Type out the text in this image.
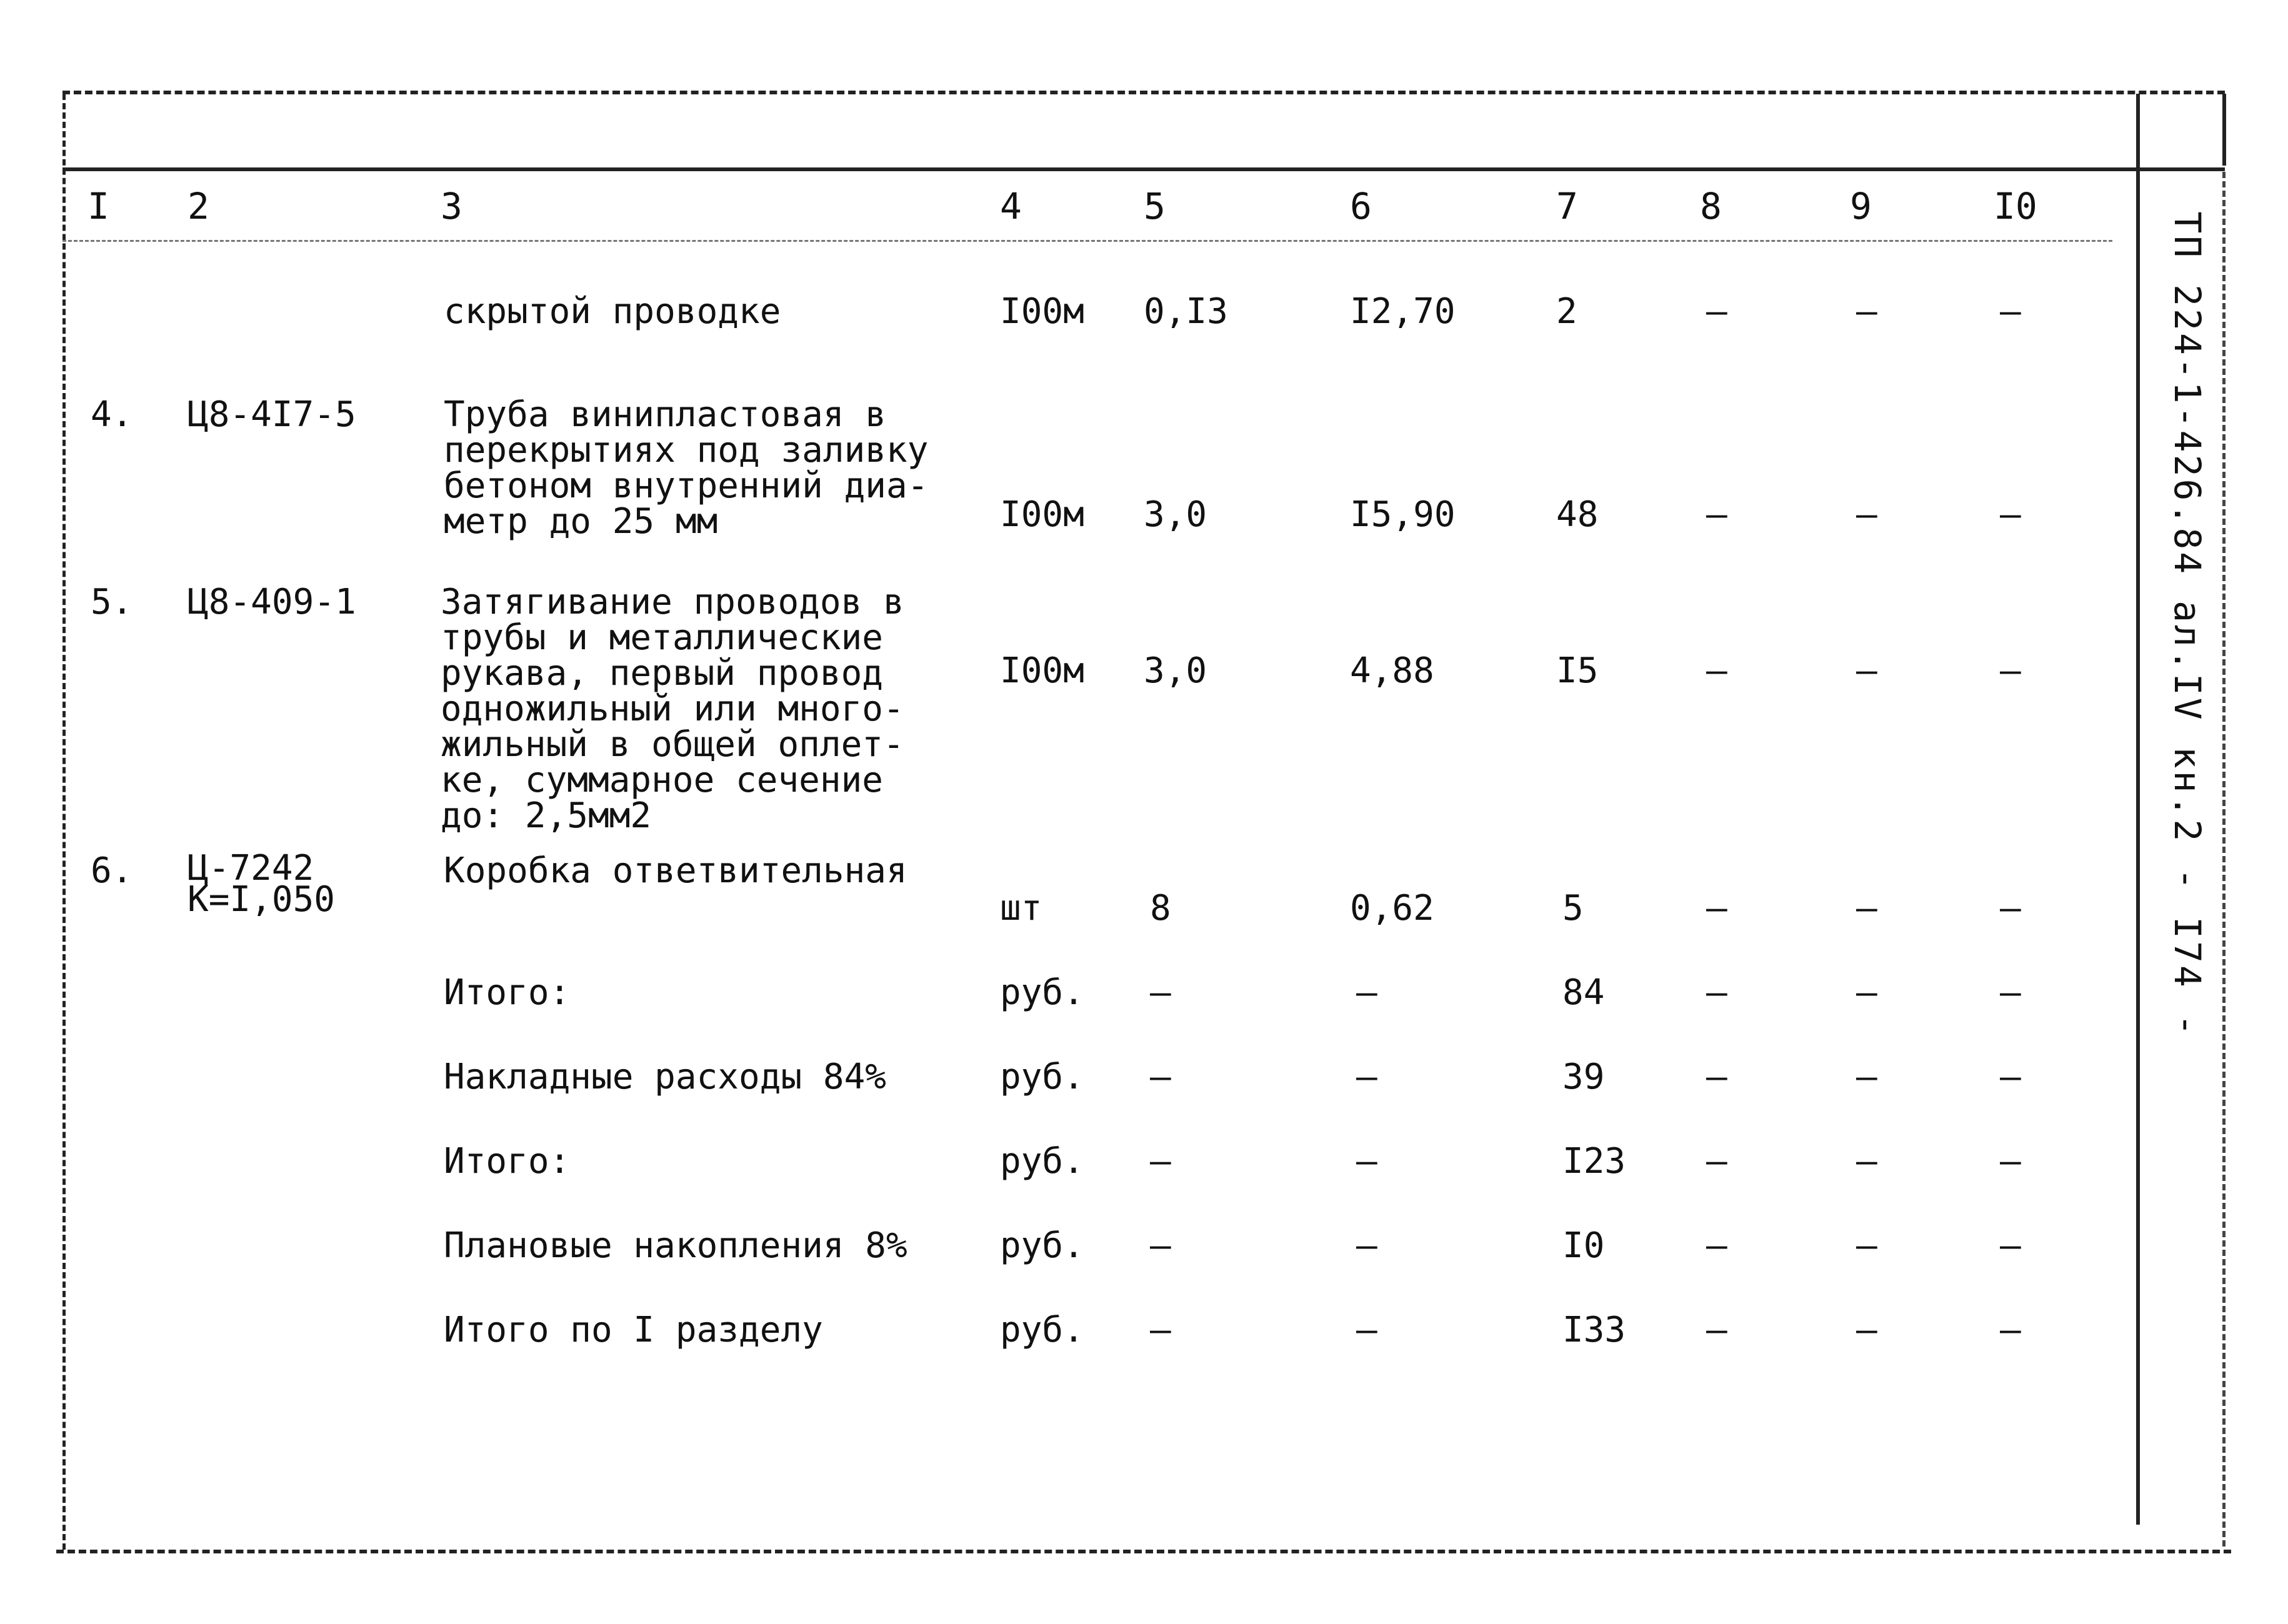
ТП 224-1-426.84 ал.IV кн.2 - I74 -
I 2	3	4	5	6	7	8	9	I0
скрытой проводке	I00м 0,I3	I2,70	2	–	–	–
4. Ц8-4I7-5	Труба винипластовая в
перекрытиях под заливку
бетоном внутренний диа-
метр до 25 мм	I00м 3,0	I5,90	48	–	–	–
5. Ц8-409-1 Затягивание проводов в
трубы и металлические
рукава, первый провод
одножильный или много-
жильный в общей оплет-
ке, суммарное сечение
до: 2,5мм2
I00м 3,0	4,88	I5	–	–	–
6. Ц-7242
К=I,050
Коробка ответвительная
шт	8	0,62	5	–	–	–
Итого:	руб. –	–	84	–	–	–
Накладные расходы 84%	руб. –	–	39	–	–	–
Итого:	руб. –	–	I23 –	–	–
Плановые накопления 8%	руб. –	–	I0	–	–	–
Итого по I разделу	руб. –	–	I33 –	–	–
